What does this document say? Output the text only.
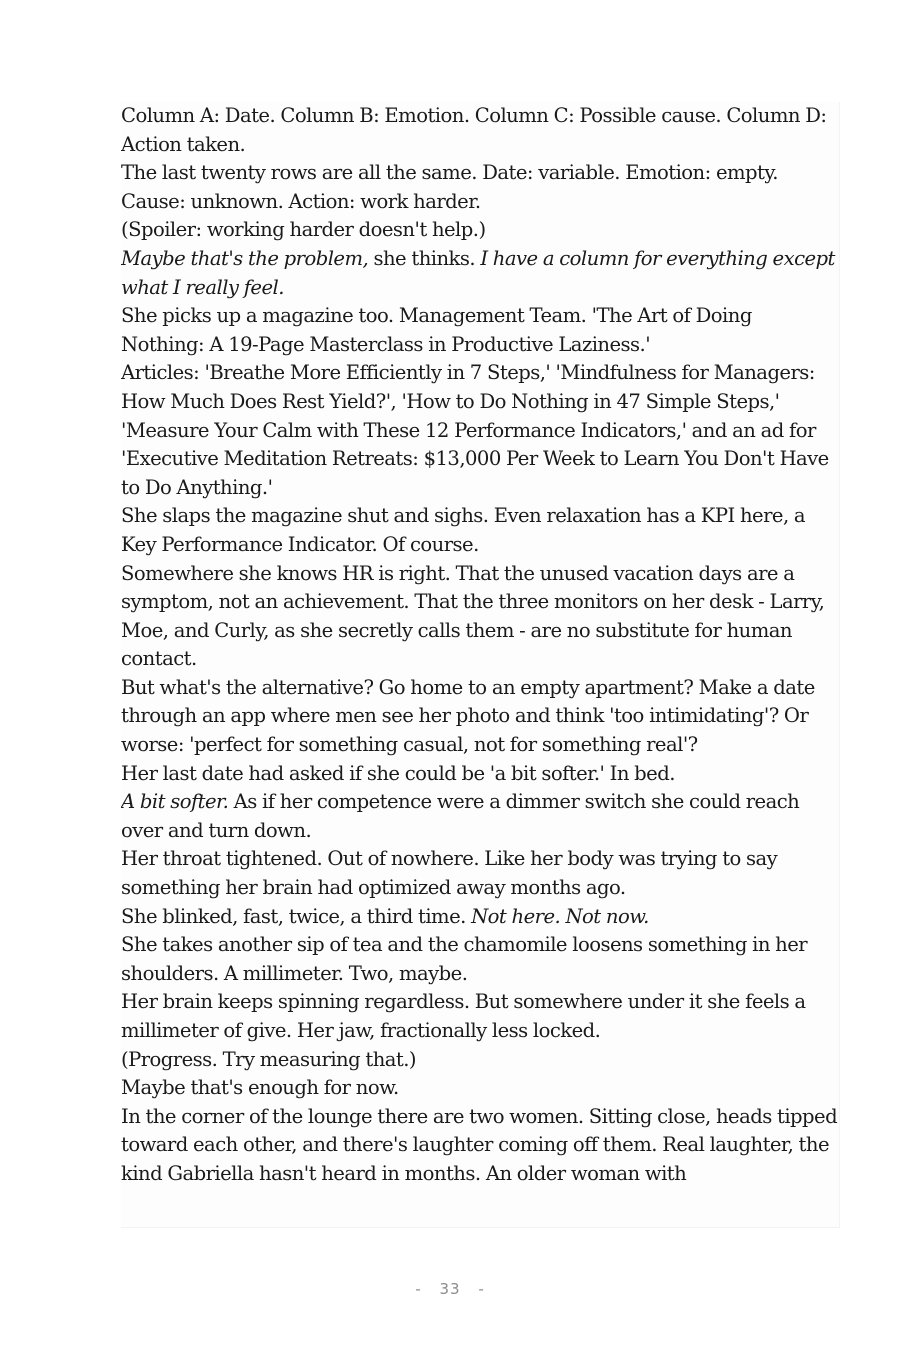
Column A: Date. Column B: Emotion. Column C: Possible cause. Column D: Action taken.

The last twenty rows are all the same. Date: variable. Emotion: empty. Cause: unknown. Action: work harder.

(Spoiler: working harder doesn't help.)

Maybe that's the problem, she thinks. I have a column for everything except what I really feel.

She picks up a magazine too. Management Team. 'The Art of Doing Nothing: A 19-Page Masterclass in Productive Laziness.'

Articles: 'Breathe More Efficiently in 7 Steps,' 'Mindfulness for Managers: How Much Does Rest Yield?', 'How to Do Nothing in 47 Simple Steps,' 'Measure Your Calm with These 12 Performance Indicators,' and an ad for 'Executive Meditation Retreats: $13,000 Per Week to Learn You Don't Have to Do Anything.'

She slaps the magazine shut and sighs. Even relaxation has a KPI here, a Key Performance Indicator. Of course.

Somewhere she knows HR is right. That the unused vacation days are a symptom, not an achievement. That the three monitors on her desk - Larry, Moe, and Curly, as she secretly calls them - are no substitute for human contact.

But what's the alternative? Go home to an empty apartment? Make a date through an app where men see her photo and think 'too intimidating'? Or worse: 'perfect for something casual, not for something real'?

Her last date had asked if she could be 'a bit softer.' In bed.

A bit softer. As if her competence were a dimmer switch she could reach over and turn down.

Her throat tightened. Out of nowhere. Like her body was trying to say something her brain had optimized away months ago.

She blinked, fast, twice, a third time. Not here. Not now.

She takes another sip of tea and the chamomile loosens something in her shoulders. A millimeter. Two, maybe.

Her brain keeps spinning regardless. But somewhere under it she feels a millimeter of give. Her jaw, fractionally less locked.

(Progress. Try measuring that.)

Maybe that's enough for now.

In the corner of the lounge there are two women. Sitting close, heads tipped toward each other, and there's laughter coming off them. Real laughter, the kind Gabriella hasn't heard in months. An older woman with

- 33 -
